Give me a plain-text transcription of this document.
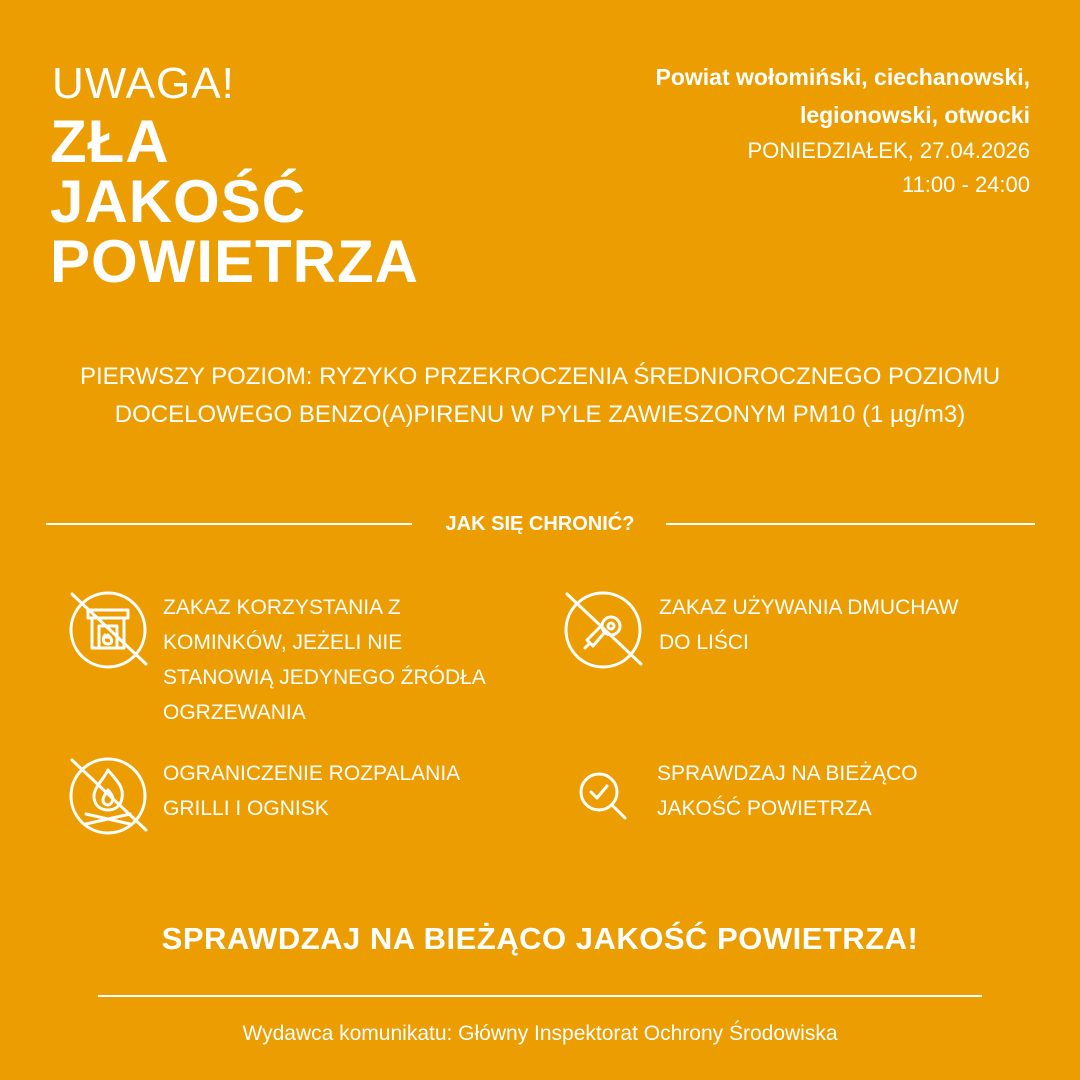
UWAGA!
ZŁA
JAKOŚĆ
POWIETRZA
Powiat wołomiński, ciechanowski,
legionowski, otwocki
PONIEDZIAŁEK, 27.04.2026
11:00 - 24:00
PIERWSZY POZIOM: RYZYKO PRZEKROCZENIA ŚREDNIOROCZNEGO POZIOMU
DOCELOWEGO BENZO(A)PIRENU W PYLE ZAWIESZONYM PM10 (1 µg/m3)
JAK SIĘ CHRONIĆ?
ZAKAZ KORZYSTANIA Z
KOMINKÓW, JEŻELI NIE
STANOWIĄ JEDYNEGO ŹRÓDŁA
OGRZEWANIA
ZAKAZ UŻYWANIA DMUCHAW
DO LIŚCI
OGRANICZENIE ROZPALANIA
GRILLI I OGNISK
SPRAWDZAJ NA BIEŻĄCO
JAKOŚĆ POWIETRZA
SPRAWDZAJ NA BIEŻĄCO JAKOŚĆ POWIETRZA!
Wydawca komunikatu: Główny Inspektorat Ochrony Środowiska
